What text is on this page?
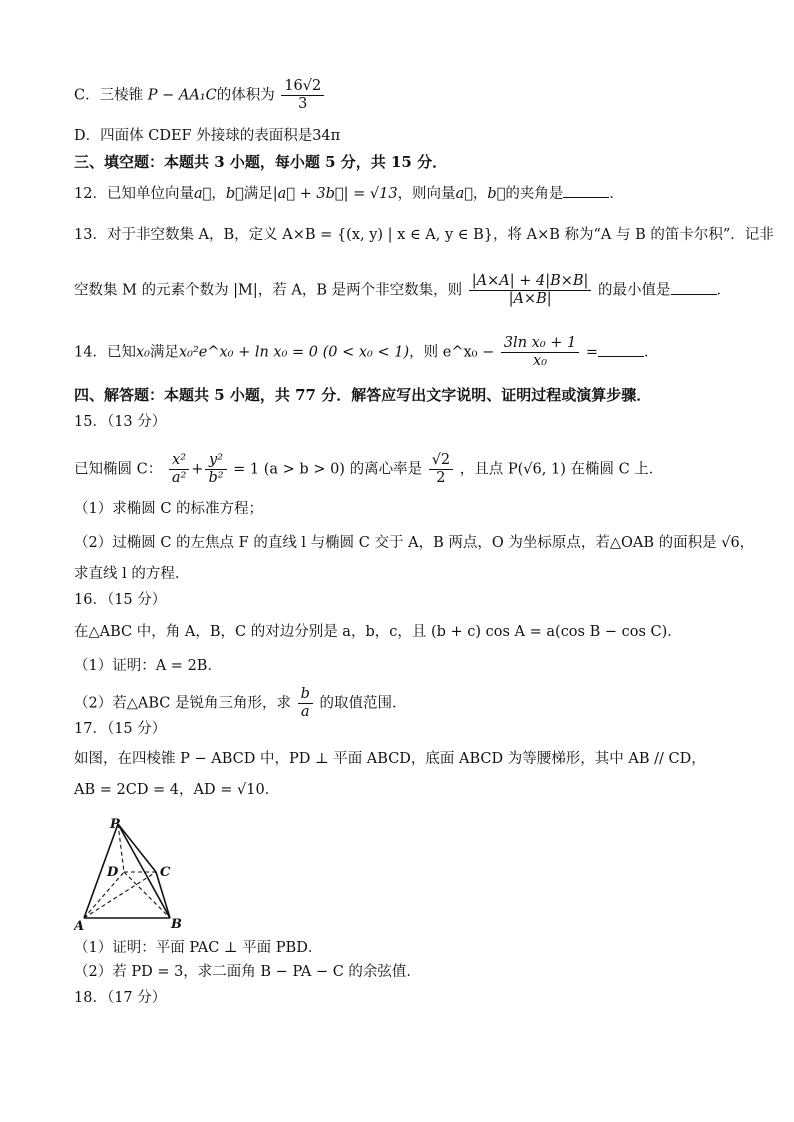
C．三棱锥 P − AA₁C的体积为 $\frac{16√2}{3}$
D．四面体 CDEF 外接球的表面积是34π
三、填空题：本题共 3 小题，每小题 5 分，共 15 分．
12．已知单位向量a⃗，b⃗满足|a⃗ + 3b⃗| = √13，则向量a⃗，b⃗的夹角是	．
13．对于非空数集 A，B，定义 A×B = {(x, y) | x ∈ A, y ∈ B}，将 A×B 称为“A 与 B 的笛卡尔积”．记非
空数集 M 的元素个数为 |M|，若 A，B 是两个非空数集，则 $\frac{|A\times A| + 4|B\times B|}{|A\times B|}$ 的最小值是	．
14．已知x₀满足x₀²e^x₀ + ln x₀ = 0 (0 < x₀ < 1)，则 e^x₀ − $\frac{\text{3ln x₀ + 1}}{\text{x₀}}$ =	．
四、解答题：本题共 5 小题，共 77 分．解答应写出文字说明、证明过程或演算步骤．
15．（13 分）
已知椭圆 C： $\frac{\text{x²}}{\text{a²}} + \frac{\text{y²}}{\text{b²}} = 1$ (a > b > 0) 的离心率是 $\frac{√2}{2}$ ，且点 P(√6, 1) 在椭圆 C 上．
（1）求椭圆 C 的标准方程；
（2）过椭圆 C 的左焦点 F 的直线 l 与椭圆 C 交于 A，B 两点，O 为坐标原点，若△OAB 的面积是 √6，
求直线 l 的方程．
16．（15 分）
在△ABC 中，角 A，B，C 的对边分别是 a，b，c，且 (b + c) cos A = a(cos B − cos C)．
（1）证明：A = 2B．
（2）若△ABC 是锐角三角形，求 $\frac{b}{a}$ 的取值范围．
17．（15 分）
如图，在四棱锥 P − ABCD 中，PD ⊥ 平面 ABCD，底面 ABCD 为等腰梯形，其中 AB // CD，
AB = 2CD = 4，AD = √10．
P
D	C
A	B
（1）证明：平面 PAC ⊥ 平面 PBD．
（2）若 PD = 3，求二面角 B − PA − C 的余弦值．
18．（17 分）
